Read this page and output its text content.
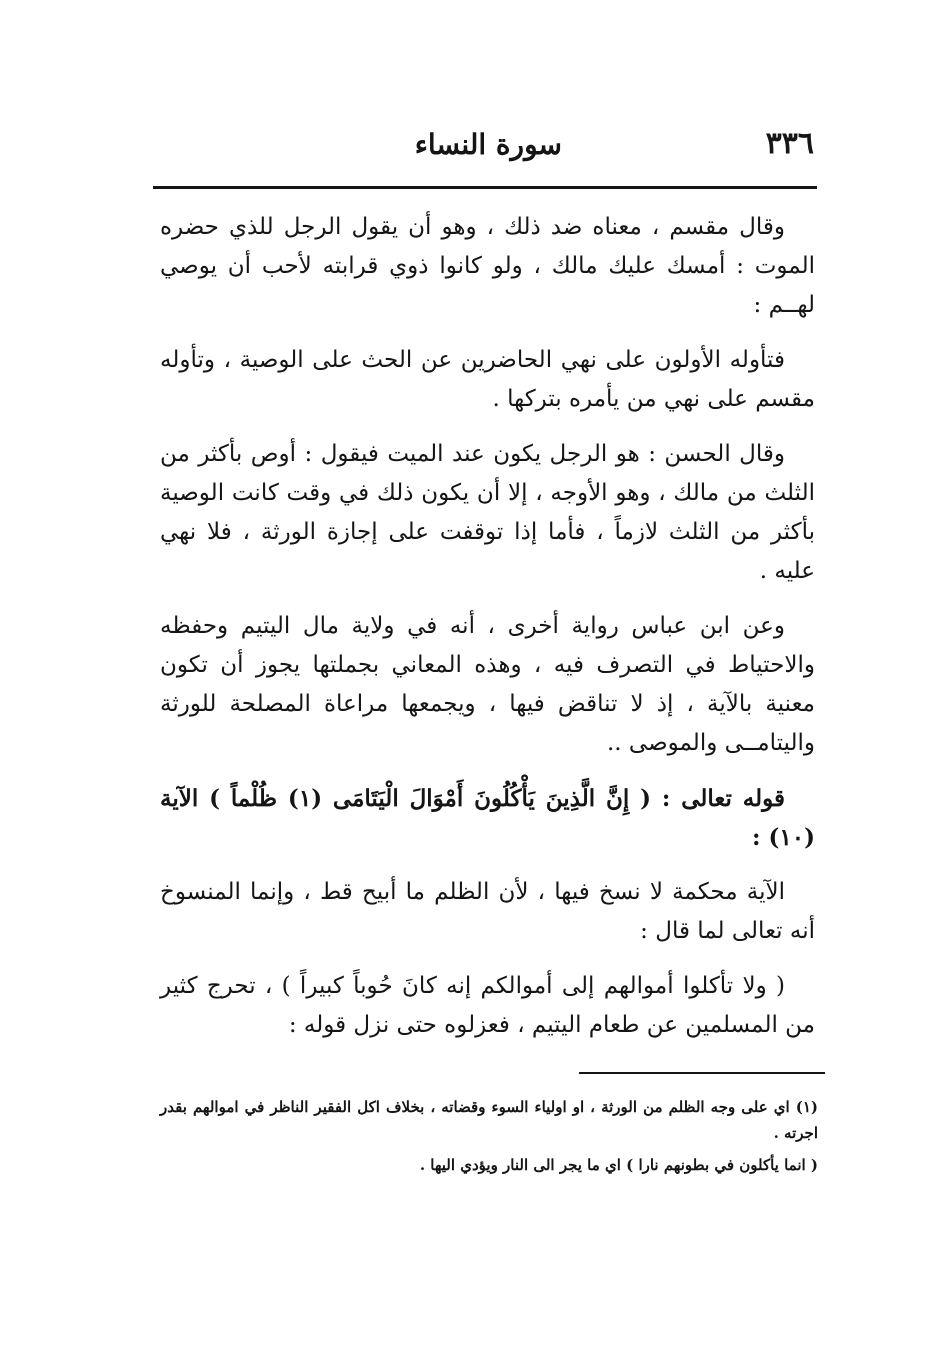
٣٣٦
سورة النساء

وقال مقسم ، معناه ضد ذلك ، وهو أن يقول الرجل للذي حضره الموت : أمسك عليك مالك ، ولو كانوا ذوي قرابته لأحب أن يوصي لهــم :

فتأوله الأولون على نهي الحاضرين عن الحث على الوصية ، وتأوله مقسم على نهي من يأمره بتركها .

وقال الحسن : هو الرجل يكون عند الميت فيقول : أوص بأكثر من الثلث من مالك ، وهو الأوجه ، إلا أن يكون ذلك في وقت كانت الوصية بأكثر من الثلث لازماً ، فأما إذا توقفت على إجازة الورثة ، فلا نهي عليه .

وعن ابن عباس رواية أخرى ، أنه في ولاية مال اليتيم وحفظه والاحتياط في التصرف فيه ، وهذه المعاني بجملتها يجوز أن تكون معنية بالآية ، إذ لا تناقض فيها ، ويجمعها مراعاة المصلحة للورثة واليتامــى والموصى ..

قوله تعالى : ( إِنَّ الَّذِينَ يَأْكُلُونَ أَمْوَالَ الْيَتَامَى (١) ظُلْماً ) الآية (١٠) :

الآية محكمة لا نسخ فيها ، لأن الظلم ما أبيح قط ، وإنما المنسوخ أنه تعالى لما قال :

( ولا تأكلوا أموالهم إلى أموالكم إنه كانَ حُوباً كبيراً ) ، تحرج كثير من المسلمين عن طعام اليتيم ، فعزلوه حتى نزل قوله :

(١) اي على وجه الظلم من الورثة ، او اولياء السوء وقضاته ، بخلاف اكل الفقير الناظر في اموالهم بقدر اجرته .

( انما يأكلون في بطونهم نارا ) اي ما يجر الى النار ويؤدي اليها .
